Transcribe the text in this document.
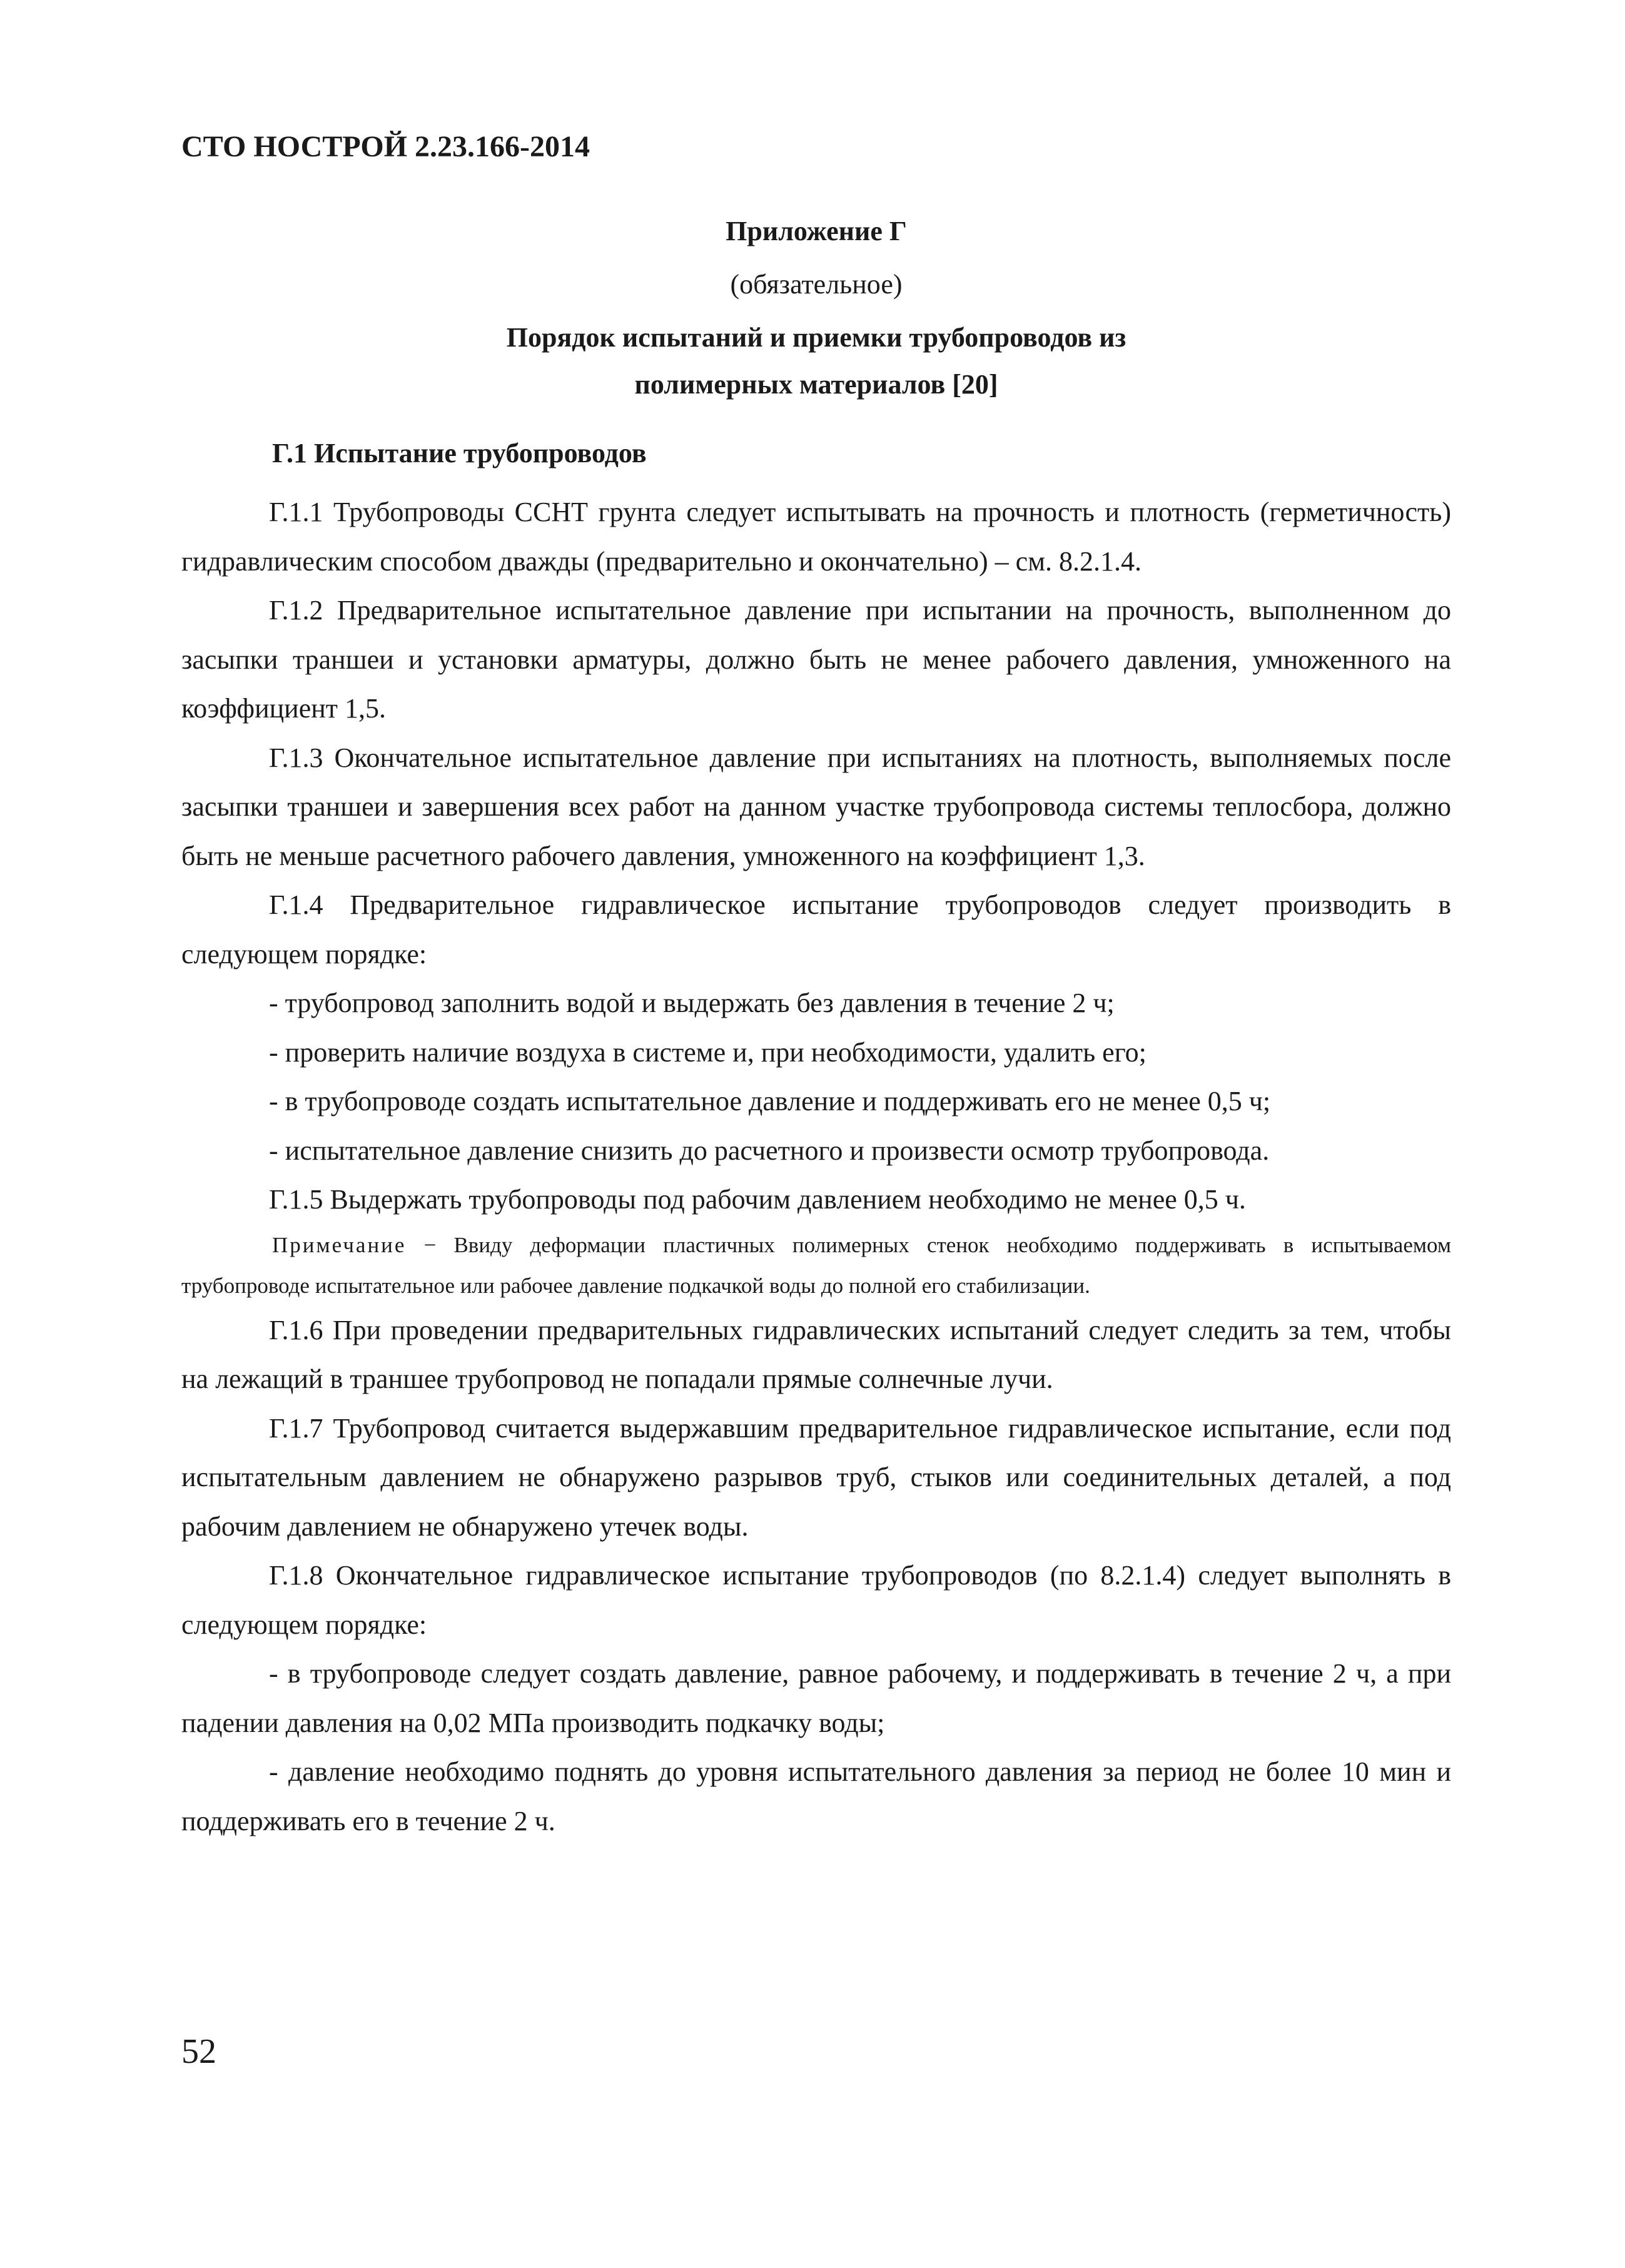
СТО НОСТРОЙ 2.23.166-2014
Приложение Г
(обязательное)
Порядок испытаний и приемки трубопроводов из
полимерных материалов [20]
Г.1 Испытание трубопроводов

Г.1.1 Трубопроводы ССНТ грунта следует испытывать на прочность и плотность (герметичность) гидравлическим способом дважды (предварительно и окончательно) – см. 8.2.1.4.

Г.1.2 Предварительное испытательное давление при испытании на прочность, выполненном до засыпки траншеи и установки арматуры, должно быть не менее рабочего давления, умноженного на коэффициент 1,5.

Г.1.3 Окончательное испытательное давление при испытаниях на плотность, выполняемых после засыпки траншеи и завершения всех работ на данном участке трубопровода системы теплосбора, должно быть не меньше расчетного рабочего давления, умноженного на коэффициент 1,3.

Г.1.4 Предварительное гидравлическое испытание трубопроводов следует производить в следующем порядке:

- трубопровод заполнить водой и выдержать без давления в течение 2 ч;

- проверить наличие воздуха в системе и, при необходимости, удалить его;

- в трубопроводе создать испытательное давление и поддерживать его не менее 0,5 ч;

- испытательное давление снизить до расчетного и произвести осмотр трубопровода.

Г.1.5 Выдержать трубопроводы под рабочим давлением необходимо не менее 0,5 ч.

Примечание − Ввиду деформации пластичных полимерных стенок необходимо поддерживать в испытываемом трубопроводе испытательное или рабочее давление подкачкой воды до полной его стабилизации.

Г.1.6 При проведении предварительных гидравлических испытаний следует следить за тем, чтобы на лежащий в траншее трубопровод не попадали прямые солнечные лучи.

Г.1.7 Трубопровод считается выдержавшим предварительное гидравлическое испытание, если под испытательным давлением не обнаружено разрывов труб, стыков или соединительных деталей, а под рабочим давлением не обнаружено утечек воды.

Г.1.8 Окончательное гидравлическое испытание трубопроводов (по 8.2.1.4) следует выполнять в следующем порядке:

- в трубопроводе следует создать давление, равное рабочему, и поддерживать в течение 2 ч, а при падении давления на 0,02 МПа производить подкачку воды;

- давление необходимо поднять до уровня испытательного давления за период не более 10 мин и поддерживать его в течение 2 ч.

52
